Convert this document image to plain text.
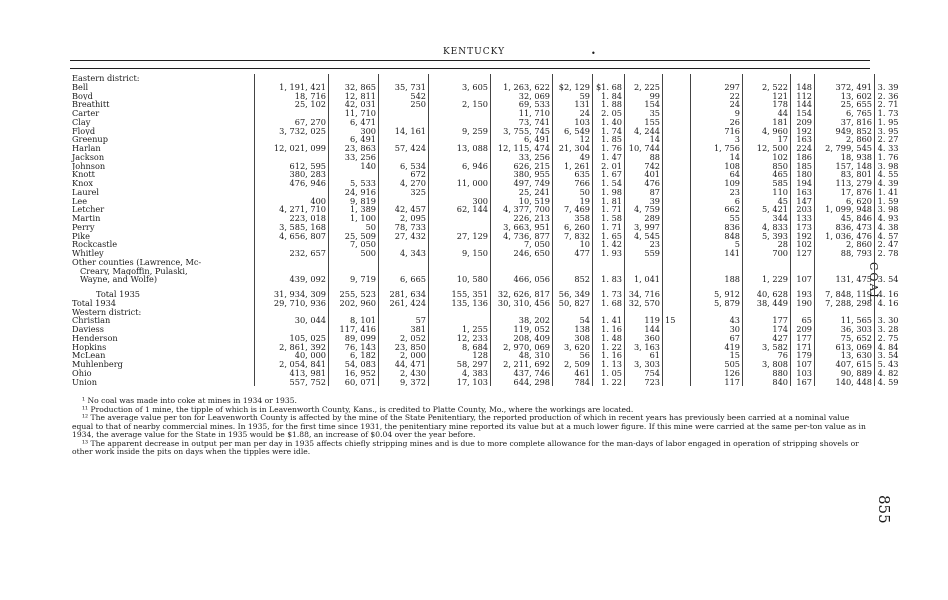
KENTUCKY	•
COAL
855
Eastern district:														
Bell	1, 191, 421	32, 865	35, 731	3, 605	1, 263, 622	$2, 129	$1. 68	2, 225		297	2, 522	148	372, 491	3. 39
Boyd	18, 716	12, 811	542		32, 069	59	1. 84	99		22	121	112	13, 602	2. 36
Breathitt	25, 102	42, 031	250	2, 150	69, 533	131	1. 88	154		24	178	144	25, 655	2. 71
Carter		11, 710			11, 710	24	2. 05	35		9	44	154	6, 765	1. 73
Clay	67, 270	6, 471			73, 741	103	1. 40	155		26	181	209	37, 816	1. 95
Floyd	3, 732, 025	300	14, 161	9, 259	3, 755, 745	6, 549	1. 74	4, 244		716	4, 960	192	949, 852	3. 95
Greenup		6, 491			6, 491	12	1. 85	14		3	17	163	2, 860	2. 27
Harlan	12, 021, 099	23, 863	57, 424	13, 088	12, 115, 474	21, 304	1. 76	10, 744		1, 756	12, 500	224	2, 799, 545	4. 33
Jackson		33, 256			33, 256	49	1. 47	88		14	102	186	18, 938	1. 76
Johnson	612, 595	140	6, 534	6, 946	626, 215	1, 261	2. 01	742		108	850	185	157, 148	3. 98
Knott	380, 283		672		380, 955	635	1. 67	401		64	465	180	83, 801	4. 55
Knox	476, 946	5, 533	4, 270	11, 000	497, 749	766	1. 54	476		109	585	194	113, 279	4. 39
Laurel		24, 916	325		25, 241	50	1. 98	87		23	110	163	17, 876	1. 41
Lee	400	9, 819		300	10, 519	19	1. 81	39		6	45	147	6, 620	1. 59
Letcher	4, 271, 710	1, 389	42, 457	62, 144	4, 377, 700	7, 469	1. 71	4, 759		662	5, 421	203	1, 099, 948	3. 98
Martin	223, 018	1, 100	2, 095		226, 213	358	1. 58	289		55	344	133	45, 846	4. 93
Perry	3, 585, 168	50	78, 733		3, 663, 951	6, 260	1. 71	3, 997		836	4, 833	173	836, 473	4. 38
Pike	4, 656, 807	25, 509	27, 432	27, 129	4, 736, 877	7, 832	1. 65	4, 545		848	5, 393	192	1, 036, 476	4. 57
Rockcastle		7, 050			7, 050	10	1. 42	23		5	28	102	2, 860	2. 47
Whitley	232, 657	500	4, 343	9, 150	246, 650	477	1. 93	559		141	700	127	88, 793	2. 78
Other counties (Lawrence, Mc-														
Creary, Magoffin, Pulaski,														
Wayne, and Wolfe)	439, 092	9, 719	6, 665	10, 580	466, 056	852	1. 83	1, 041		188	1, 229	107	131, 475	3. 54

Total 1935	31, 934, 309	255, 523	281, 634	155, 351	32, 626, 817	56, 349	1. 73	34, 716		5, 912	40, 628	193	7, 848, 119	4. 16
Total 1934	29, 710, 936	202, 960	261, 424	135, 136	30, 310, 456	50, 827	1. 68	32, 570		5, 879	38, 449	190	7, 288, 298	4. 16
Western district:														
Christian	30, 044	8, 101	57		38, 202	54	1. 41	119	15	43	177	65	11, 565	3. 30
Daviess		117, 416	381	1, 255	119, 052	138	1. 16	144		30	174	209	36, 303	3. 28
Henderson	105, 025	89, 099	2, 052	12, 233	208, 409	308	1. 48	360		67	427	177	75, 652	2. 75
Hopkins	2, 861, 392	76, 143	23, 850	8, 684	2, 970, 069	3, 620	1. 22	3, 163		419	3, 582	171	613, 069	4. 84
McLean	40, 000	6, 182	2, 000	128	48, 310	56	1. 16	61		15	76	179	13, 630	3. 54
Muhlenberg	2, 054, 841	54, 083	44, 471	58, 297	2, 211, 692	2, 509	1. 13	3, 303		505	3, 808	107	407, 615	5. 43
Ohio	413, 981	16, 952	2, 430	4, 383	437, 746	461	1. 05	754		126	880	103	90, 889	4. 82
Union	557, 752	60, 071	9, 372	17, 103	644, 298	784	1. 22	723		117	840	167	140, 448	4. 59

¹ No coal was made into coke at mines in 1934 or 1935.

¹¹ Production of 1 mine, the tipple of which is in Leavenworth County, Kans., is credited to Platte County, Mo., where the workings are located.

¹² The average value per ton for Leavenworth County is affected by the mine of the State Penitentiary, the reported production of which in recent years has previously been carried at a nominal value equal to that of nearby commercial mines. In 1935, for the first time since 1931, the penitentiary mine reported its value but at a much lower figure. If this mine were carried at the same per-ton value as in 1934, the average value for the State in 1935 would be $1.88, an increase of $0.04 over the year before.

¹³ The apparent decrease in output per man per day in 1935 affects chiefly stripping mines and is due to more complete allowance for the man-days of labor engaged in operation of stripping shovels or other work inside the pits on days when the tipples were idle.
